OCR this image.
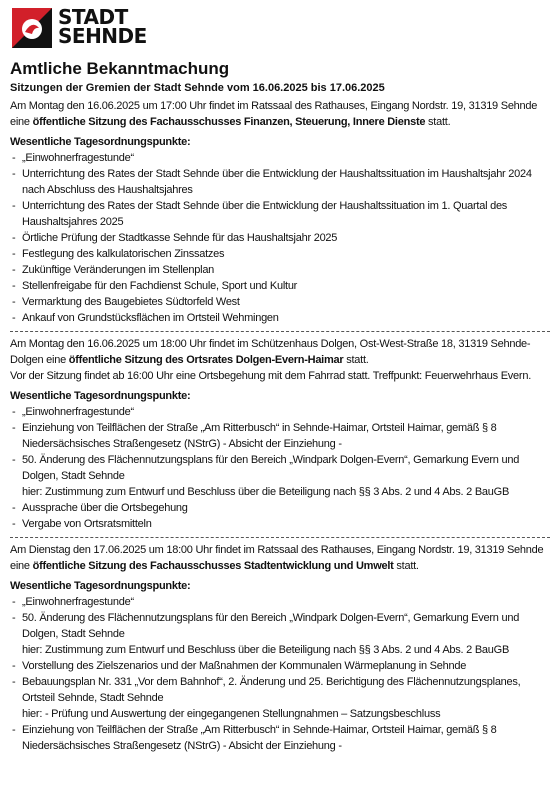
STADT
SEHNDE
Amtliche Bekanntmachung
Sitzungen der Gremien der Stadt Sehnde vom 16.06.2025 bis 17.06.2025

Am Montag den 16.06.2025 um 17:00 Uhr findet im Ratssaal des Rathauses, Eingang Nordstr. 19, 31319 Sehnde eine öffentliche Sitzung des Fachausschusses Finanzen, Steuerung, Innere Dienste statt.

Wesentliche Tagesordnungspunkte:
- „Einwohnerfragestunde“
- Unterrichtung des Rates der Stadt Sehnde über die Entwicklung der Haushaltssituation im Haushaltsjahr 2024 nach Abschluss des Haushaltsjahres
- Unterrichtung des Rates der Stadt Sehnde über die Entwicklung der Haushaltssituation im 1. Quartal des Haushaltsjahres 2025
- Örtliche Prüfung der Stadtkasse Sehnde für das Haushaltsjahr 2025
- Festlegung des kalkulatorischen Zinssatzes
- Zukünftige Veränderungen im Stellenplan
- Stellenfreigabe für den Fachdienst Schule, Sport und Kultur
- Vermarktung des Baugebietes Südtorfeld West
- Ankauf von Grundstücksflächen im Ortsteil Wehmingen

Am Montag den 16.06.2025 um 18:00 Uhr findet im Schützenhaus Dolgen, Ost-West-Straße 18, 31319 Sehnde-Dolgen eine öffentliche Sitzung des Ortsrates Dolgen-Evern-Haimar statt.

Vor der Sitzung findet ab 16:00 Uhr eine Ortsbegehung mit dem Fahrrad statt. Treffpunkt: Feuerwehrhaus Evern.

Wesentliche Tagesordnungspunkte:
- „Einwohnerfragestunde“
- Einziehung von Teilflächen der Straße „Am Ritterbusch“ in Sehnde-Haimar, Ortsteil Haimar, gemäß § 8 Niedersächsisches Straßengesetz (NStrG) - Absicht der Einziehung -
- 50. Änderung des Flächennutzungsplans für den Bereich „Windpark Dolgen-Evern“, Gemarkung Evern und Dolgen, Stadt Sehnde
hier: Zustimmung zum Entwurf und Beschluss über die Beteiligung nach §§ 3 Abs. 2 und 4 Abs. 2 BauGB
- Aussprache über die Ortsbegehung
- Vergabe von Ortsratsmitteln

Am Dienstag den 17.06.2025 um 18:00 Uhr findet im Ratssaal des Rathauses, Eingang Nordstr. 19, 31319 Sehnde eine öffentliche Sitzung des Fachausschusses Stadtentwicklung und Umwelt statt.

Wesentliche Tagesordnungspunkte:
- „Einwohnerfragestunde“
- 50. Änderung des Flächennutzungsplans für den Bereich „Windpark Dolgen-Evern“, Gemarkung Evern und Dolgen, Stadt Sehnde
hier: Zustimmung zum Entwurf und Beschluss über die Beteiligung nach §§ 3 Abs. 2 und 4 Abs. 2 BauGB
- Vorstellung des Zielszenarios und der Maßnahmen der Kommunalen Wärmeplanung in Sehnde
- Bebauungsplan Nr. 331 „Vor dem Bahnhof“, 2. Änderung und 25. Berichtigung des Flächennutzungsplanes, Ortsteil Sehnde, Stadt Sehnde
hier: - Prüfung und Auswertung der eingegangenen Stellungnahmen – Satzungsbeschluss
- Einziehung von Teilflächen der Straße „Am Ritterbusch“ in Sehnde-Haimar, Ortsteil Haimar, gemäß § 8 Niedersächsisches Straßengesetz (NStrG) - Absicht der Einziehung -
